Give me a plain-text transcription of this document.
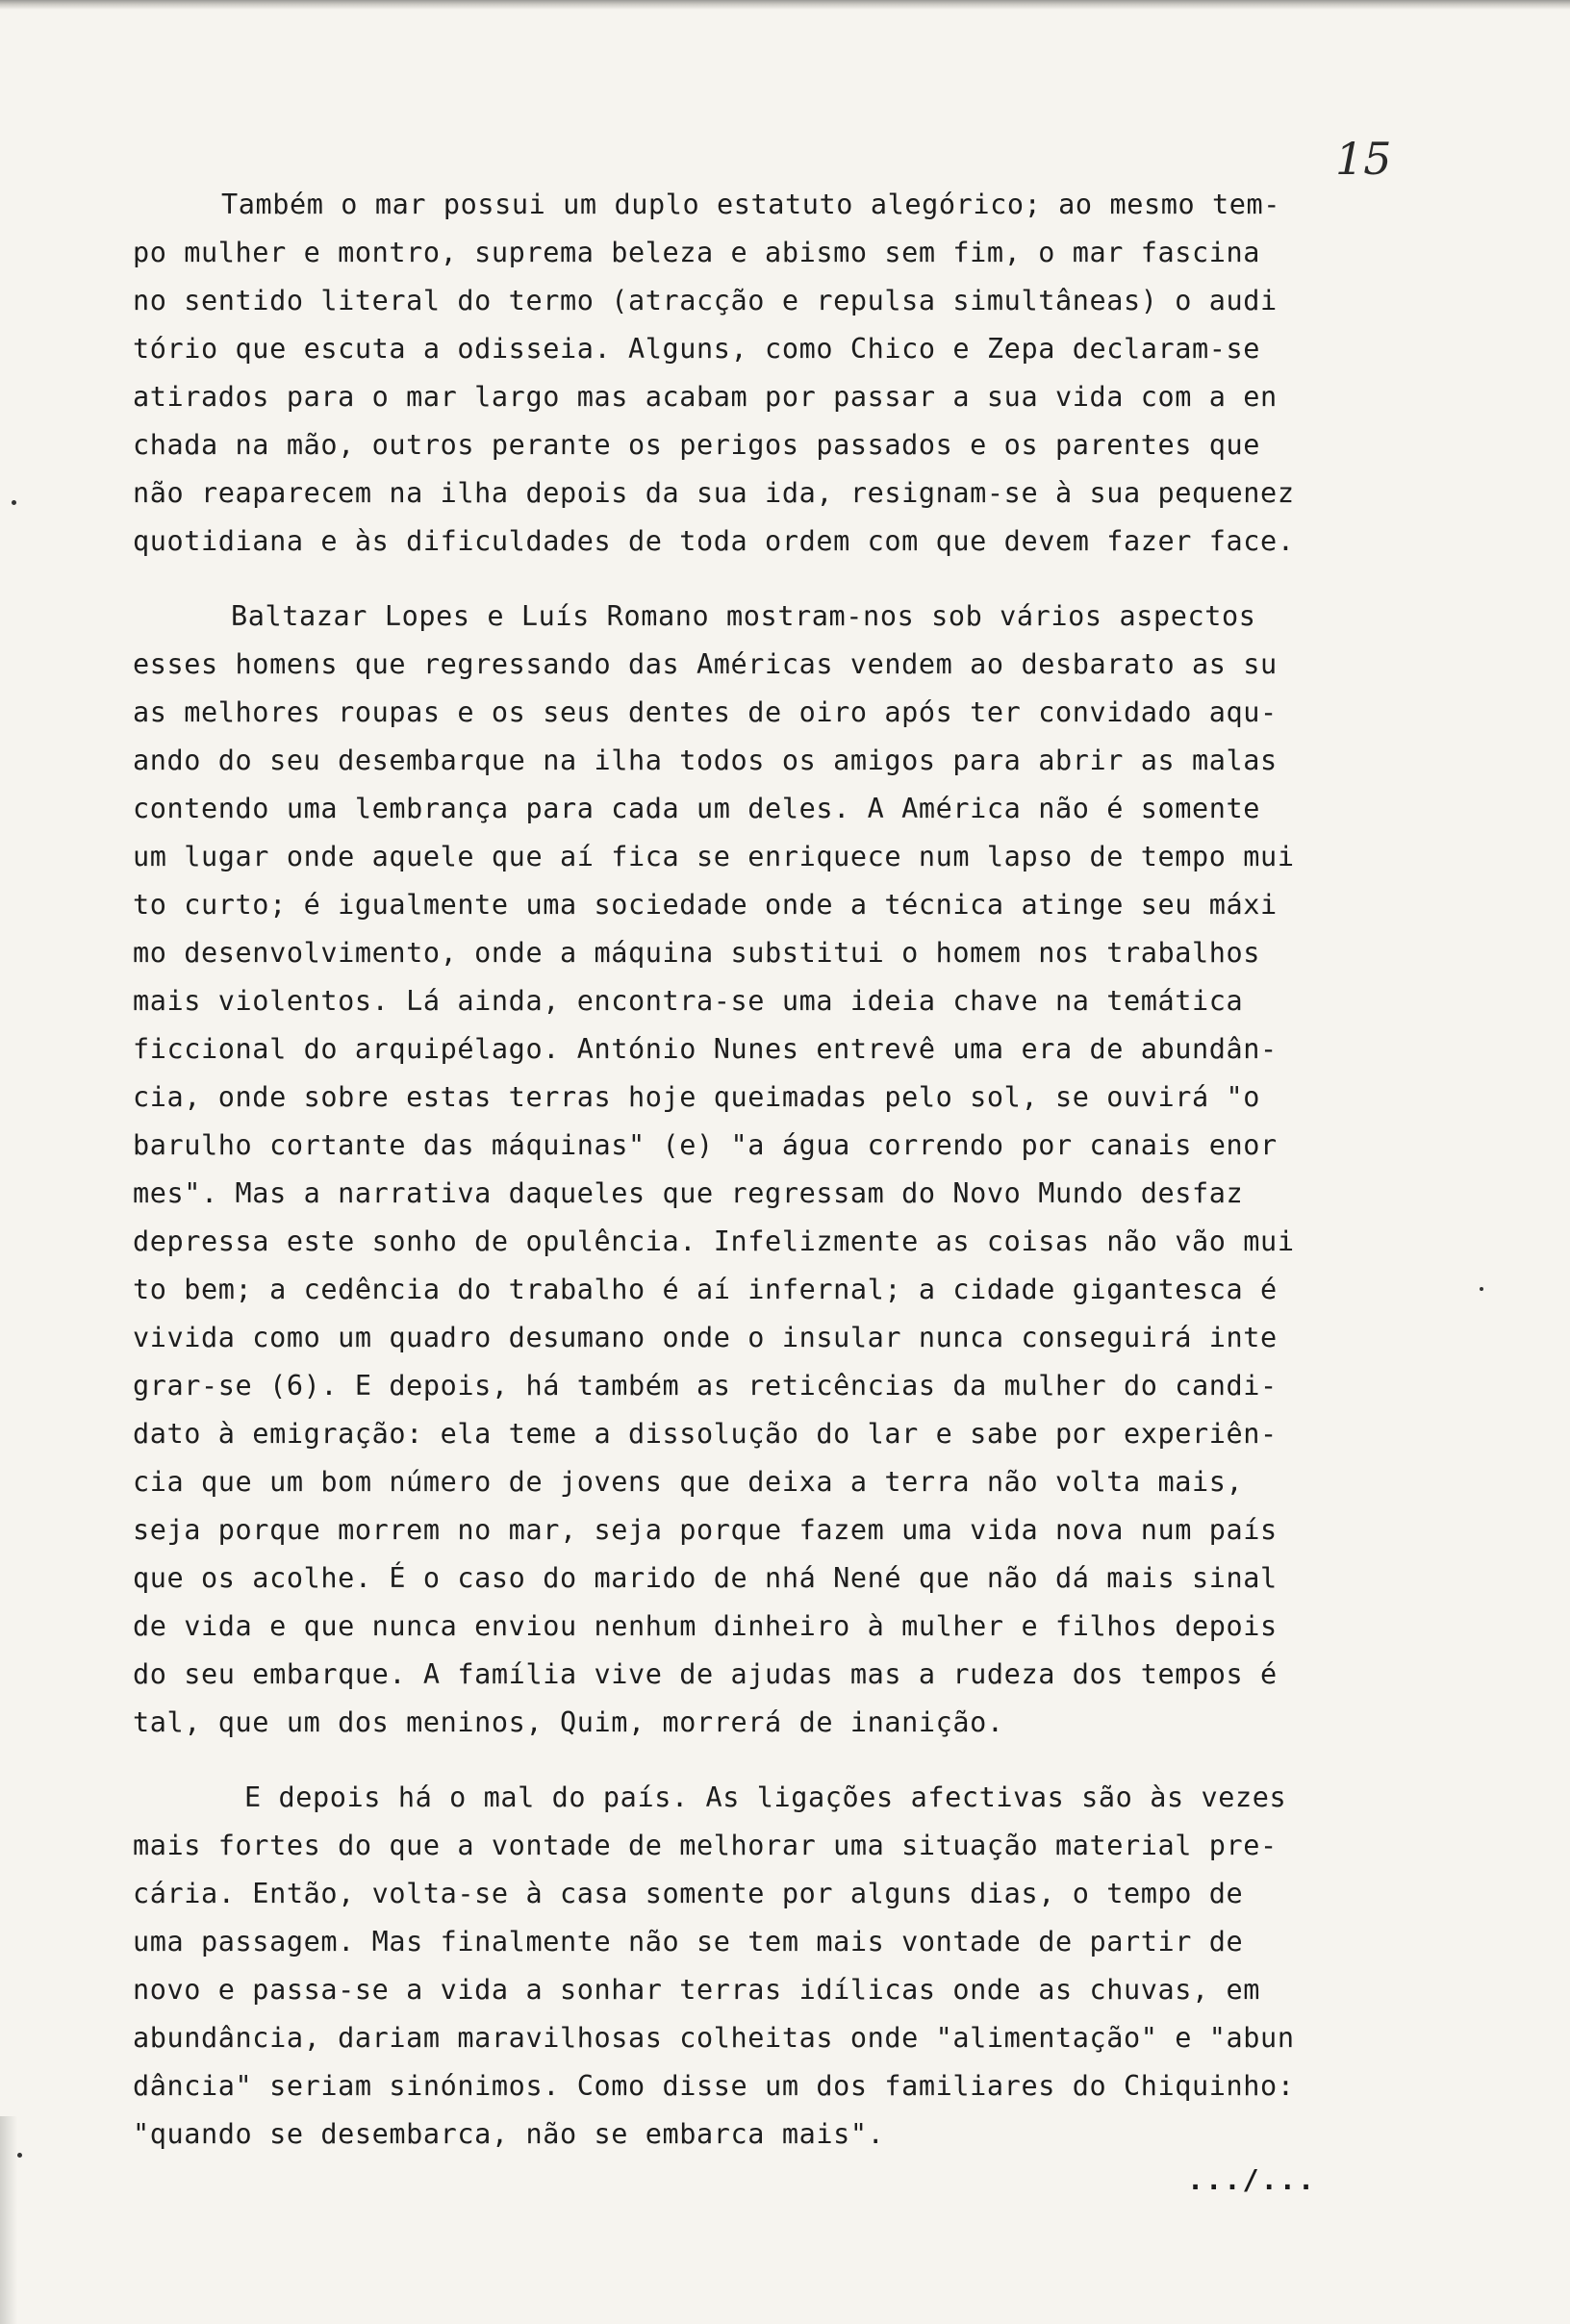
15
Também o mar possui um duplo estatuto alegórico; ao mesmo tem-
po mulher e montro, suprema beleza e abismo sem fim, o mar fascina
no sentido literal do termo (atracção e repulsa simultâneas) o audi
tório que escuta a odisseia. Alguns, como Chico e Zepa declaram-se
atirados para o mar largo mas acabam por passar a sua vida com a en
chada na mão, outros perante os perigos passados e os parentes que
não reaparecem na ilha depois da sua ida, resignam-se à sua pequenez
quotidiana e às dificuldades de toda ordem com que devem fazer face.
Baltazar Lopes e Luís Romano mostram-nos sob vários aspectos
esses homens que regressando das Américas vendem ao desbarato as su
as melhores roupas e os seus dentes de oiro após ter convidado aqu-
ando do seu desembarque na ilha todos os amigos para abrir as malas
contendo uma lembrança para cada um deles. A América não é somente
um lugar onde aquele que aí fica se enriquece num lapso de tempo mui
to curto; é igualmente uma sociedade onde a técnica atinge seu máxi
mo desenvolvimento, onde a máquina substitui o homem nos trabalhos
mais violentos. Lá ainda, encontra-se uma ideia chave na temática
ficcional do arquipélago. António Nunes entrevê uma era de abundân-
cia, onde sobre estas terras hoje queimadas pelo sol, se ouvirá "o
barulho cortante das máquinas" (e) "a água correndo por canais enor
mes". Mas a narrativa daqueles que regressam do Novo Mundo desfaz
depressa este sonho de opulência. Infelizmente as coisas não vão mui
to bem; a cedência do trabalho é aí infernal; a cidade gigantesca é
vivida como um quadro desumano onde o insular nunca conseguirá inte
grar-se (6). E depois, há também as reticências da mulher do candi-
dato à emigração: ela teme a dissolução do lar e sabe por experiên-
cia que um bom número de jovens que deixa a terra não volta mais,
seja porque morrem no mar, seja porque fazem uma vida nova num país
que os acolhe. É o caso do marido de nhá Nené que não dá mais sinal
de vida e que nunca enviou nenhum dinheiro à mulher e filhos depois
do seu embarque. A família vive de ajudas mas a rudeza dos tempos é
tal, que um dos meninos, Quim, morrerá de inanição.
E depois há o mal do país. As ligações afectivas são às vezes
mais fortes do que a vontade de melhorar uma situação material pre-
cária. Então, volta-se à casa somente por alguns dias, o tempo de
uma passagem. Mas finalmente não se tem mais vontade de partir de
novo e passa-se a vida a sonhar terras idílicas onde as chuvas, em
abundância, dariam maravilhosas colheitas onde "alimentação" e "abun
dância" seriam sinónimos. Como disse um dos familiares do Chiquinho:
"quando se desembarca, não se embarca mais".
.../...
